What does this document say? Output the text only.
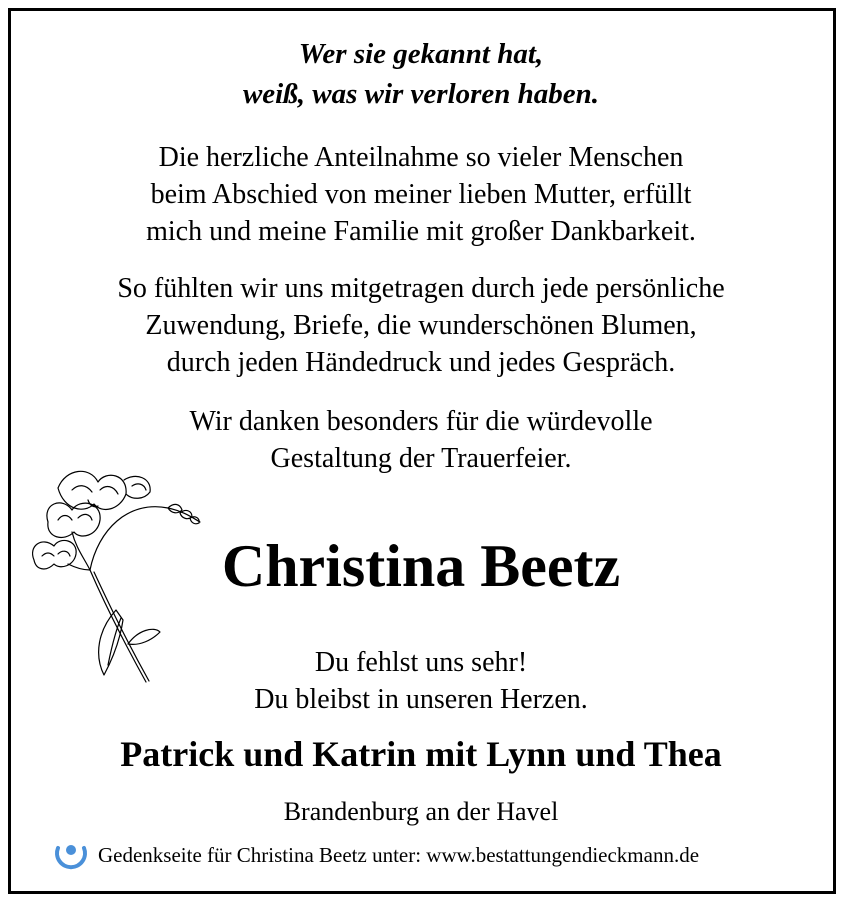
Wer sie gekannt hat,
weiß, was wir verloren haben.
Die herzliche Anteilnahme so vieler Menschen
beim Abschied von meiner lieben Mutter, erfüllt
mich und meine Familie mit großer Dankbarkeit.
So fühlten wir uns mitgetragen durch jede persönliche
Zuwendung, Briefe, die wunderschönen Blumen,
durch jeden Händedruck und jedes Gespräch.
Wir danken besonders für die würdevolle
Gestaltung der Trauerfeier.
Christina Beetz
Du fehlst uns sehr!
Du bleibst in unseren Herzen.
Patrick und Katrin mit Lynn und Thea
Brandenburg an der Havel
Gedenkseite für Christina Beetz unter: www.bestattungendieckmann.de
